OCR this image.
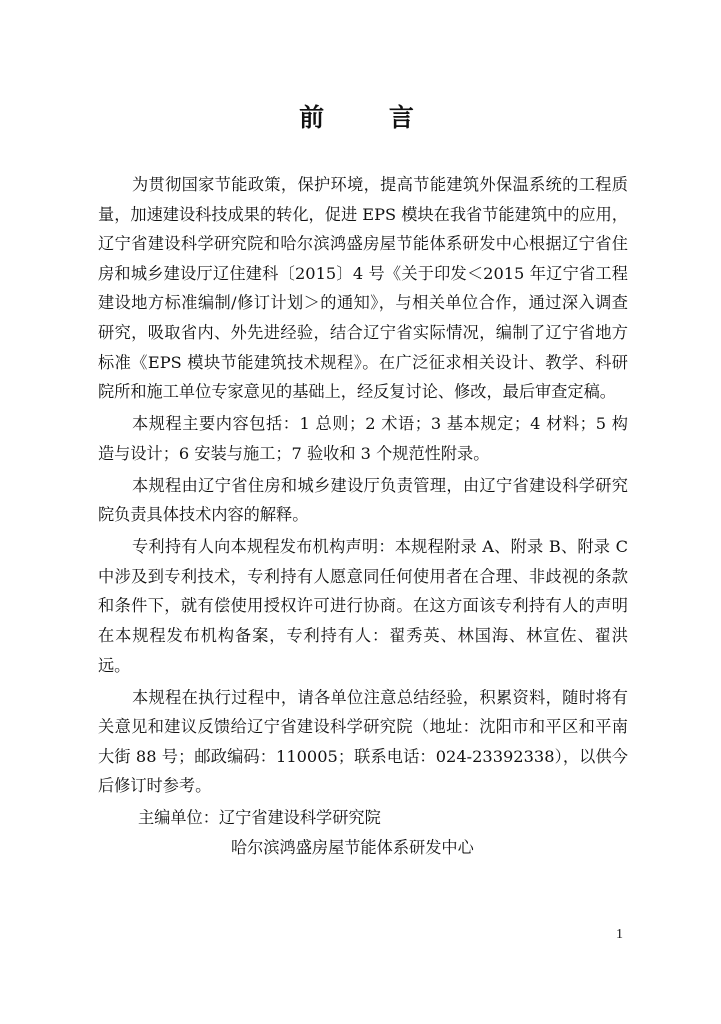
前 言

为贯彻国家节能政策，保护环境，提高节能建筑外保温系统的工程质量，加速建设科技成果的转化，促进 EPS 模块在我省节能建筑中的应用，辽宁省建设科学研究院和哈尔滨鸿盛房屋节能体系研发中心根据辽宁省住房和城乡建设厅辽住建科〔2015〕4 号《关于印发＜2015 年辽宁省工程建设地方标准编制/修订计划＞的通知》，与相关单位合作，通过深入调查研究，吸取省内、外先进经验，结合辽宁省实际情况，编制了辽宁省地方标准《EPS 模块节能建筑技术规程》。在广泛征求相关设计、教学、科研院所和施工单位专家意见的基础上，经反复讨论、修改，最后审查定稿。

本规程主要内容包括：1 总则；2 术语；3 基本规定；4 材料；5 构造与设计；6 安装与施工；7 验收和 3 个规范性附录。

本规程由辽宁省住房和城乡建设厅负责管理，由辽宁省建设科学研究院负责具体技术内容的解释。

专利持有人向本规程发布机构声明：本规程附录 A、附录 B、附录 C 中涉及到专利技术，专利持有人愿意同任何使用者在合理、非歧视的条款和条件下，就有偿使用授权许可进行协商。在这方面该专利持有人的声明在本规程发布机构备案，专利持有人：翟秀英、林国海、林宣佐、翟洪远。

本规程在执行过程中，请各单位注意总结经验，积累资料，随时将有关意见和建议反馈给辽宁省建设科学研究院（地址：沈阳市和平区和平南大街 88 号；邮政编码：110005；联系电话：024-23392338），以供今后修订时参考。

主编单位：辽宁省建设科学研究院

哈尔滨鸿盛房屋节能体系研发中心

1
